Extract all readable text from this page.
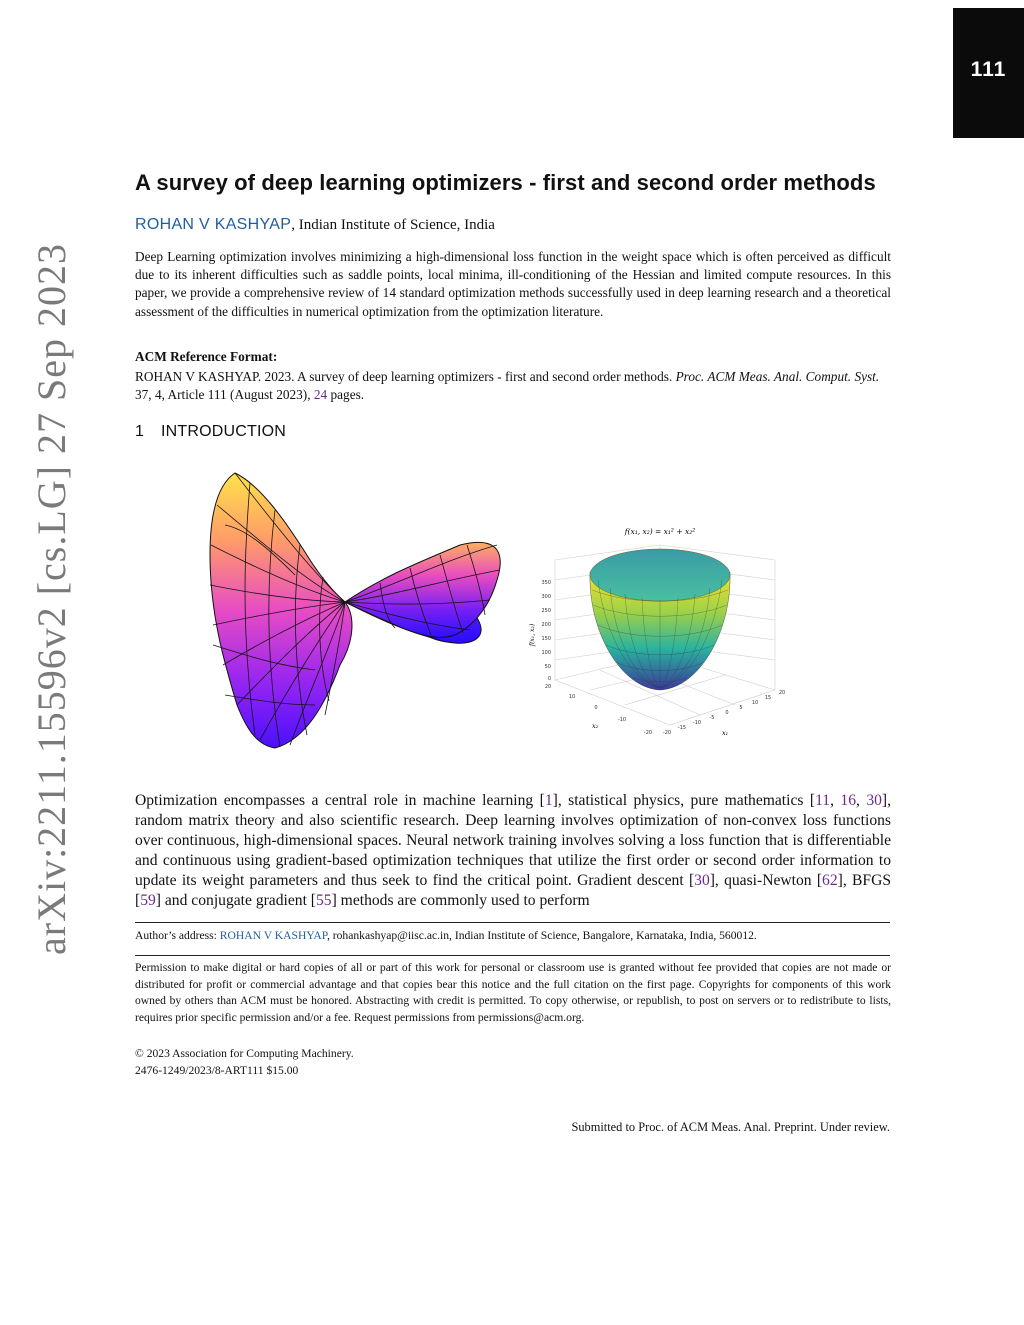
111
arXiv:2211.15596v2 [cs.LG] 27 Sep 2023
A survey of deep learning optimizers - first and second order methods
ROHAN V KASHYAP, Indian Institute of Science, India
Deep Learning optimization involves minimizing a high-dimensional loss function in the weight space which is often perceived as difficult due to its inherent difficulties such as saddle points, local minima, ill-conditioning of the Hessian and limited compute resources. In this paper, we provide a comprehensive review of 14 standard optimization methods successfully used in deep learning research and a theoretical assessment of the difficulties in numerical optimization from the optimization literature.
ACM Reference Format:
ROHAN V KASHYAP. 2023. A survey of deep learning optimizers - first and second order methods. Proc. ACM Meas. Anal. Comput. Syst. 37, 4, Article 111 (August 2023), 24 pages.
1 INTRODUCTION
f(x₁, x₂) = x₁² + x₂²
350
300
250
200
150
100
50
0
f(x₁, x₂)
20
10
0
-10
-20
x₂
-20
-15
-10
-5
0
5
10
15
20
x₁
Optimization encompasses a central role in machine learning [1], statistical physics, pure mathematics [11, 16, 30], random matrix theory and also scientific research. Deep learning involves optimization of non-convex loss functions over continuous, high-dimensional spaces. Neural network training involves solving a loss function that is differentiable and continuous using gradient-based optimization techniques that utilize the first order or second order information to update its weight parameters and thus seek to find the critical point. Gradient descent [30], quasi-Newton [62], BFGS [59] and conjugate gradient [55] methods are commonly used to perform
Author’s address: ROHAN V KASHYAP, rohankashyap@iisc.ac.in, Indian Institute of Science, Bangalore, Karnataka, India, 560012.
Permission to make digital or hard copies of all or part of this work for personal or classroom use is granted without fee provided that copies are not made or distributed for profit or commercial advantage and that copies bear this notice and the full citation on the first page. Copyrights for components of this work owned by others than ACM must be honored. Abstracting with credit is permitted. To copy otherwise, or republish, to post on servers or to redistribute to lists, requires prior specific permission and/or a fee. Request permissions from permissions@acm.org.
© 2023 Association for Computing Machinery.
2476-1249/2023/8-ART111 $15.00
Submitted to Proc. of ACM Meas. Anal. Preprint. Under review.
